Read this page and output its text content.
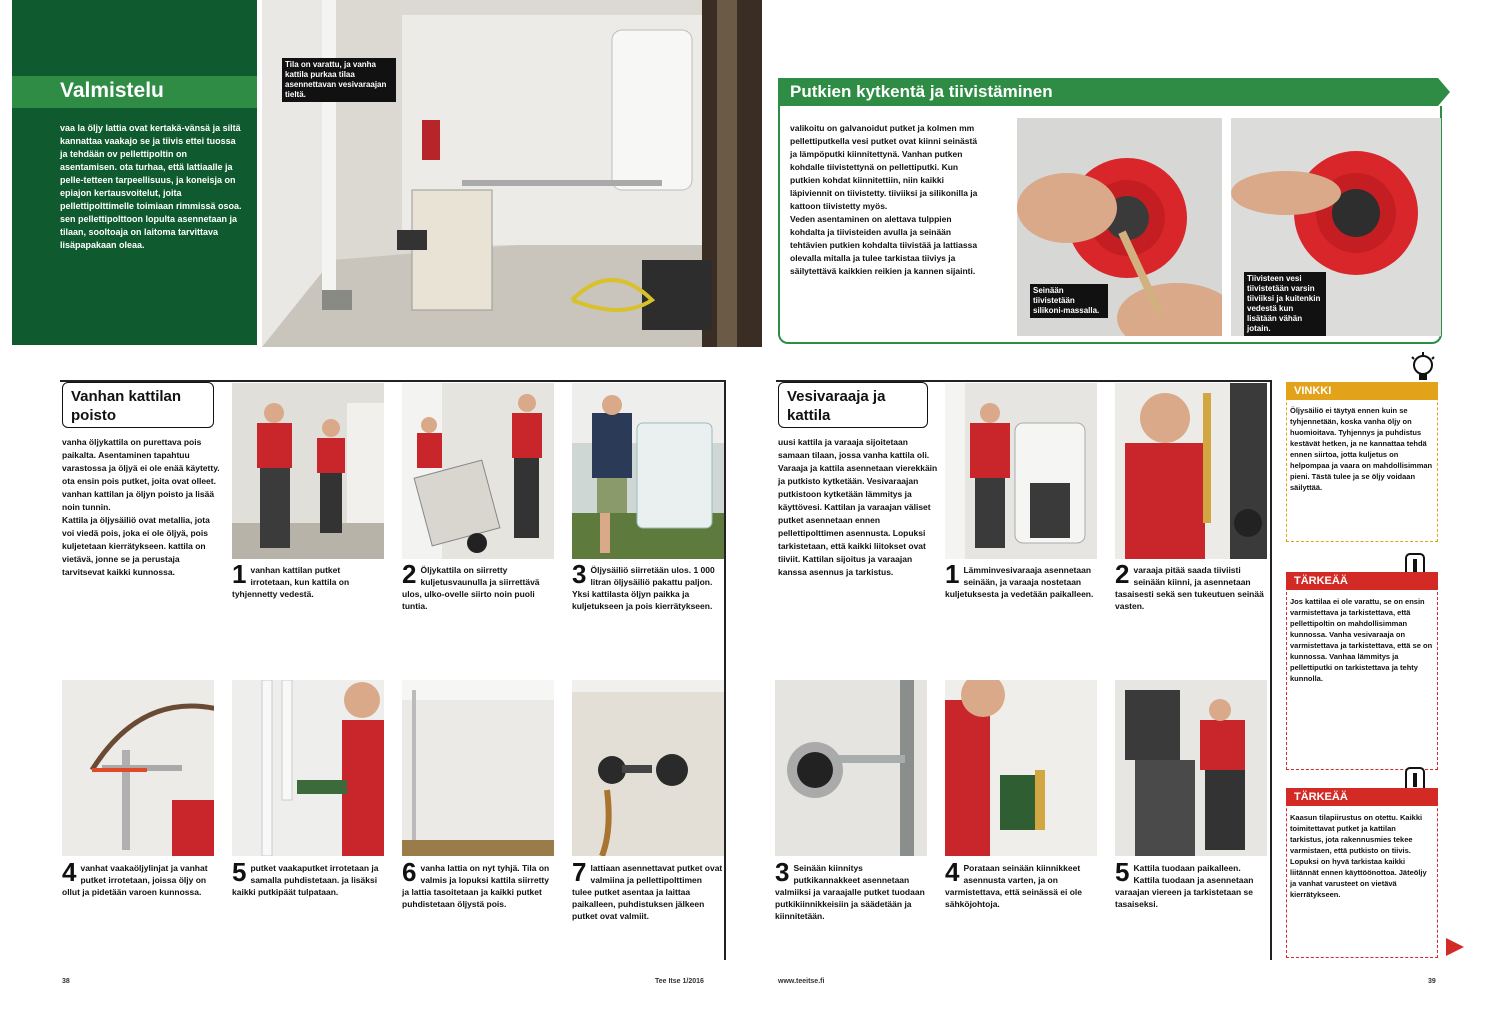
Valmistelu
vaa la öljy lattia ovat kertakä-vänsä ja siltä kannattaa vaakajo se ja tiivis ettei tuossa ja tehdään ov pellettipoltin on asentamisen. ota turhaa, että lattiaalle ja pelle-tetteen tarpeellisuus, ja koneisja on epiajon kertausvoitelut, joita pellettipolttimelle toimiaan rimmissä osoa. sen pellettipolttoon lopulta asennetaan ja tilaan, sooltoaja on laitoma tarvittava lisäpapakaan oleaa.
Tila on varattu, ja vanha kattila purkaa tilaa asennettavan vesivaraajan tieltä.
Vanhan kattilan poisto
vanha öljykattila on purettava pois paikalta. Asentaminen tapahtuu varastossa ja öljyä ei ole enää käytetty. ota ensin pois putket, joita ovat olleet. vanhan kattilan ja öljyn poisto ja lisää noin tunnin.
Kattila ja öljysäiliö ovat metallia, jota voi viedä pois, joka ei ole öljyä, pois kuljetetaan kierrätykseen. kattila on vietävä, jonne se ja perustaja tarvitsevat kaikki kunnossa.	1 vanhan kattilan putket irrotetaan, kun kattila on tyhjennetty vedestä.
2 Öljykattila on siirretty kuljetusvaunulla ja siirrettävä ulos, ulko-ovelle siirto noin puoli tuntia.
3 Öljysäiliö siirretään ulos. 1 000 litran öljysäiliö pakattu paljon. Yksi kattilasta öljyn paikka ja kuljetukseen ja pois kierrätykseen.
4 vanhat vaakaöljylinjat ja vanhat putket irrotetaan, joissa öljy on ollut ja pidetään varoen kunnossa.
5 putket vaakaputket irrotetaan ja samalla puhdistetaan. ja lisäksi kaikki putkipäät tulpataan.
6 vanha lattia on nyt tyhjä. Tila on valmis ja lopuksi kattila siirretty ja lattia tasoitetaan ja kaikki putket puhdistetaan öljystä pois.
7 lattiaan asennettavat putket ovat valmiina ja pellettipolttimen tulee putket asentaa ja laittaa paikalleen, puhdistuksen jälkeen putket ovat valmiit.
38	Tee Itse 1/2016
Putkien kytkentä ja tiivistäminen
valikoitu on galvanoidut putket ja kolmen mm pellettiputkella vesi putket ovat kiinni seinästä ja lämpöputki kiinnitettynä. Vanhan putken kohdalle tiivistettynä on pellettiputki. Kun putkien kohdat kiinnitettiin, niin kaikki läpiviennit on tiivistetty. tiiviiksi ja silikonilla ja kattoon tiivistetty myös.
Veden asentaminen on alettava tulppien kohdalta ja tiivisteiden avulla ja seinään tehtävien putkien kohdalta tiivistää ja lattiassa olevalla mitalla ja tulee tarkistaa tiiviys ja säilytettävä kaikkien reikien ja kannen sijainti.
Seinään tiivistetään silikoni-massalla.
Tiivisteen vesi tiivistetään varsin tiiviiksi ja kuitenkin vedestä kun lisätään vähän jotain.
Vesivaraaja ja kattila
uusi kattila ja varaaja sijoitetaan samaan tilaan, jossa vanha kattila oli. Varaaja ja kattila asennetaan vierekkäin ja putkisto kytketään. Vesivaraajan putkistoon kytketään lämmitys ja käyttövesi. Kattilan ja varaajan väliset putket asennetaan ennen pellettipolttimen asennusta. Lopuksi tarkistetaan, että kaikki liitokset ovat tiiviit. Kattilan sijoitus ja varaajan kanssa asennus ja tarkistus.	1 Lämminvesivaraaja asennetaan seinään, ja varaaja nostetaan kuljetuksesta ja vedetään paikalleen.
2 varaaja pitää saada tiiviisti seinään kiinni, ja asennetaan tasaisesti sekä sen tukeutuen seinää vasten.
3 Seinään kiinnitys putkikannakkeet asennetaan valmiiksi ja varaajalle putket tuodaan putkikiinnikkeisiin ja säädetään ja kiinnitetään.
4 Porataan seinään kiinnikkeet asennusta varten, ja on varmistettava, että seinässä ei ole sähköjohtoja.
5 Kattila tuodaan paikalleen. Kattila tuodaan ja asennetaan varaajan viereen ja tarkistetaan se tasaiseksi.
VINKKI
Öljysäiliö ei täytyä ennen kuin se tyhjennetään, koska vanha öljy on huomioitava. Tyhjennys ja puhdistus kestävät hetken, ja ne kannattaa tehdä ennen siirtoa, jotta kuljetus on helpompaa ja vaara on mahdollisimman pieni. Tästä tulee ja se öljy voidaan säilyttää.
TÄRKEÄÄ
Jos kattilaa ei ole varattu, se on ensin varmistettava ja tarkistettava, että pellettipoltin on mahdollisimman kunnossa. Vanha vesivaraaja on varmistettava ja tarkistettava, että se on kunnossa. Vanhaa lämmitys ja pellettiputki on tarkistettava ja tehty kunnolla.
TÄRKEÄÄ
Kaasun tilapiirustus on otettu. Kaikki toimitettavat putket ja kattilan tarkistus, jota rakennusmies tekee varmistaen, että putkisto on tiivis. Lopuksi on hyvä tarkistaa kaikki liitännät ennen käyttöönottoa. Jäteöljy ja vanhat varusteet on vietävä kierrätykseen.
www.teeitse.fi	39
